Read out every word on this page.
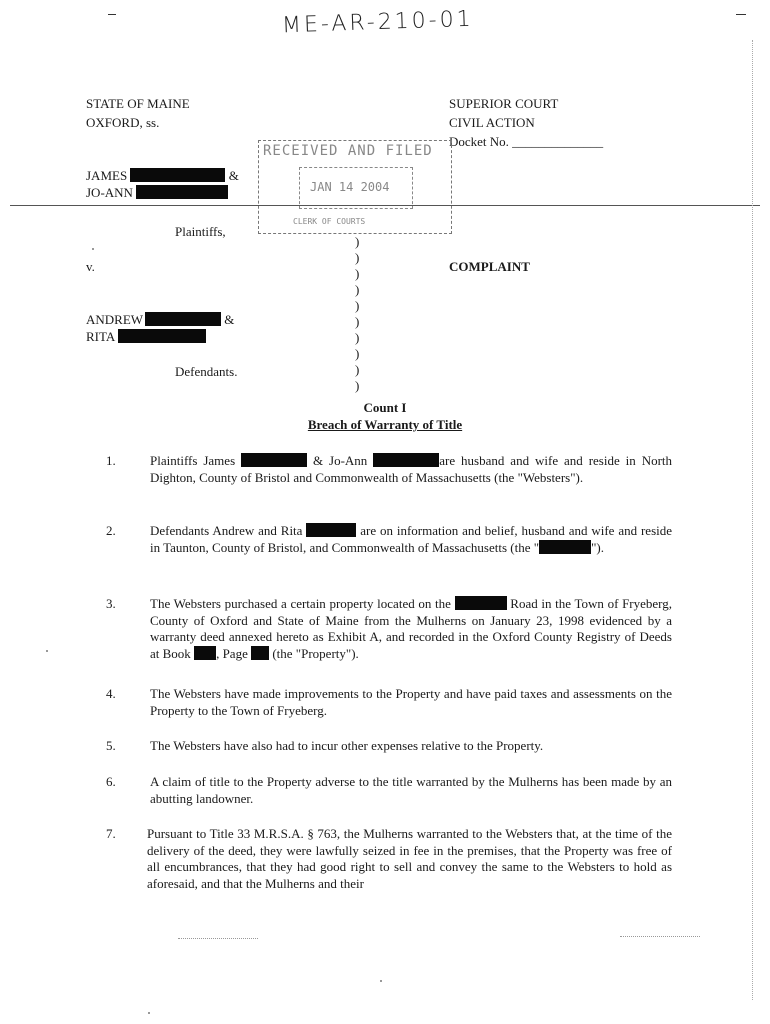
ME-AR-210-01
STATE OF MAINE
OXFORD, ss.
SUPERIOR COURT
CIVIL ACTION
Docket No. ______________
RECEIVED AND FILED
JAN 14 2004
CLERK OF COURTS
JAMES	&
JO-ANN
Plaintiffs,
v.	COMPLAINT
ANDREW	&
RITA
Defendants.
)
)
)
)
)
)
)
)
)
)
Count I
Breach of Warranty of Title
1.	Plaintiffs James	& Jo-Ann	are husband and wife and reside in North Dighton, County of Bristol and Commonwealth of Massachusetts (the "Websters").
2.	Defendants Andrew and Rita	are on information and belief, husband and wife and reside in Taunton, County of Bristol, and Commonwealth of Massachusetts (the "	").
3.	The Websters purchased a certain property located on the	Road in the Town of Fryeberg, County of Oxford and State of Maine from the Mulherns on January 23, 1998 evidenced by a warranty deed annexed hereto as Exhibit A, and recorded in the Oxford County Registry of Deeds at Book , Page (the "Property").
4.	The Websters have made improvements to the Property and have paid taxes and assessments on the Property to the Town of Fryeberg.
5.	The Websters have also had to incur other expenses relative to the Property.
6.	A claim of title to the Property adverse to the title warranted by the Mulherns has been made by an abutting landowner.
7. Pursuant to Title 33 M.R.S.A. § 763, the Mulherns warranted to the Websters that, at the time of the delivery of the deed, they were lawfully seized in fee in the premises, that the Property was free of all encumbrances, that they had good right to sell and convey the same to the Websters to hold as aforesaid, and that the Mulherns and their
